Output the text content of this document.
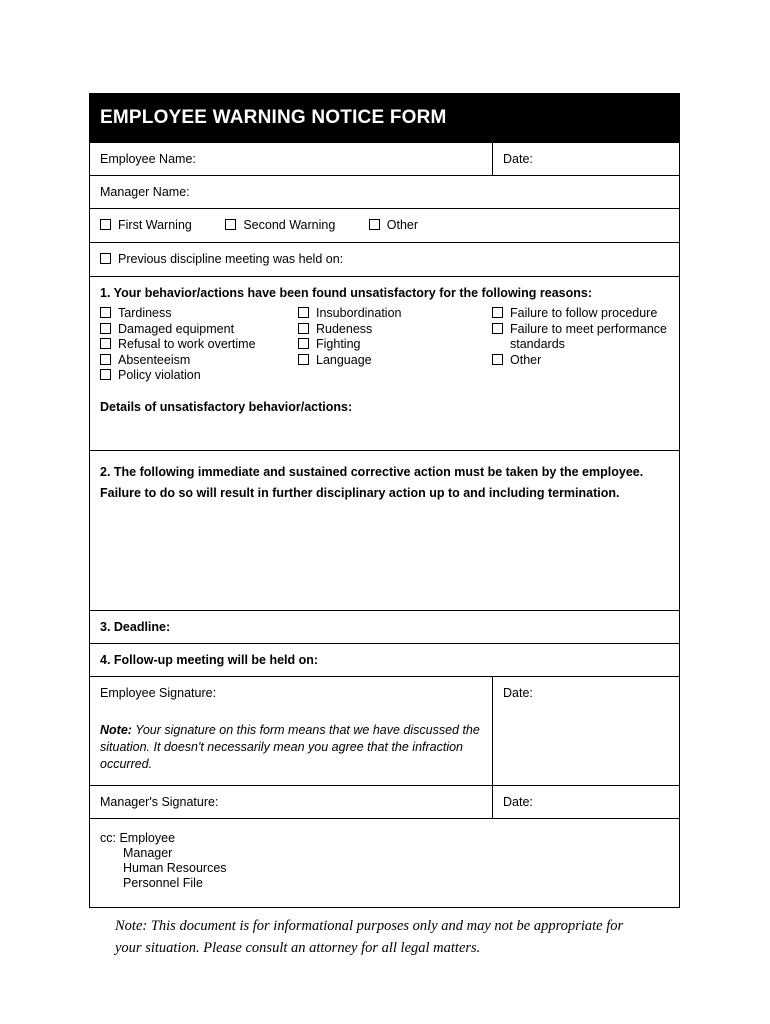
EMPLOYEE WARNING NOTICE FORM
Employee Name:	Date:
Manager Name:
First Warning	Second Warning	Other
Previous discipline meeting was held on:
1. Your behavior/actions have been found unsatisfactory for the following reasons:
Tardiness
Damaged equipment
Refusal to work overtime
Absenteeism
Policy violation
Insubordination
Rudeness
Fighting
Language
Failure to follow procedure
Failure to meet performance
standards
Other
Details of unsatisfactory behavior/actions:
2. The following immediate and sustained corrective action must be taken by the employee.
Failure to do so will result in further disciplinary action up to and including termination.
3. Deadline:
4. Follow-up meeting will be held on:
Employee Signature:
Note: Your signature on this form means that we have discussed the situation. It doesn't necessarily mean you agree that the infraction occurred.
Date:
Manager's Signature:	Date:
cc: Employee
Manager
Human Resources
Personnel File
Note: This document is for informational purposes only and may not be appropriate for
your situation. Please consult an attorney for all legal matters.
